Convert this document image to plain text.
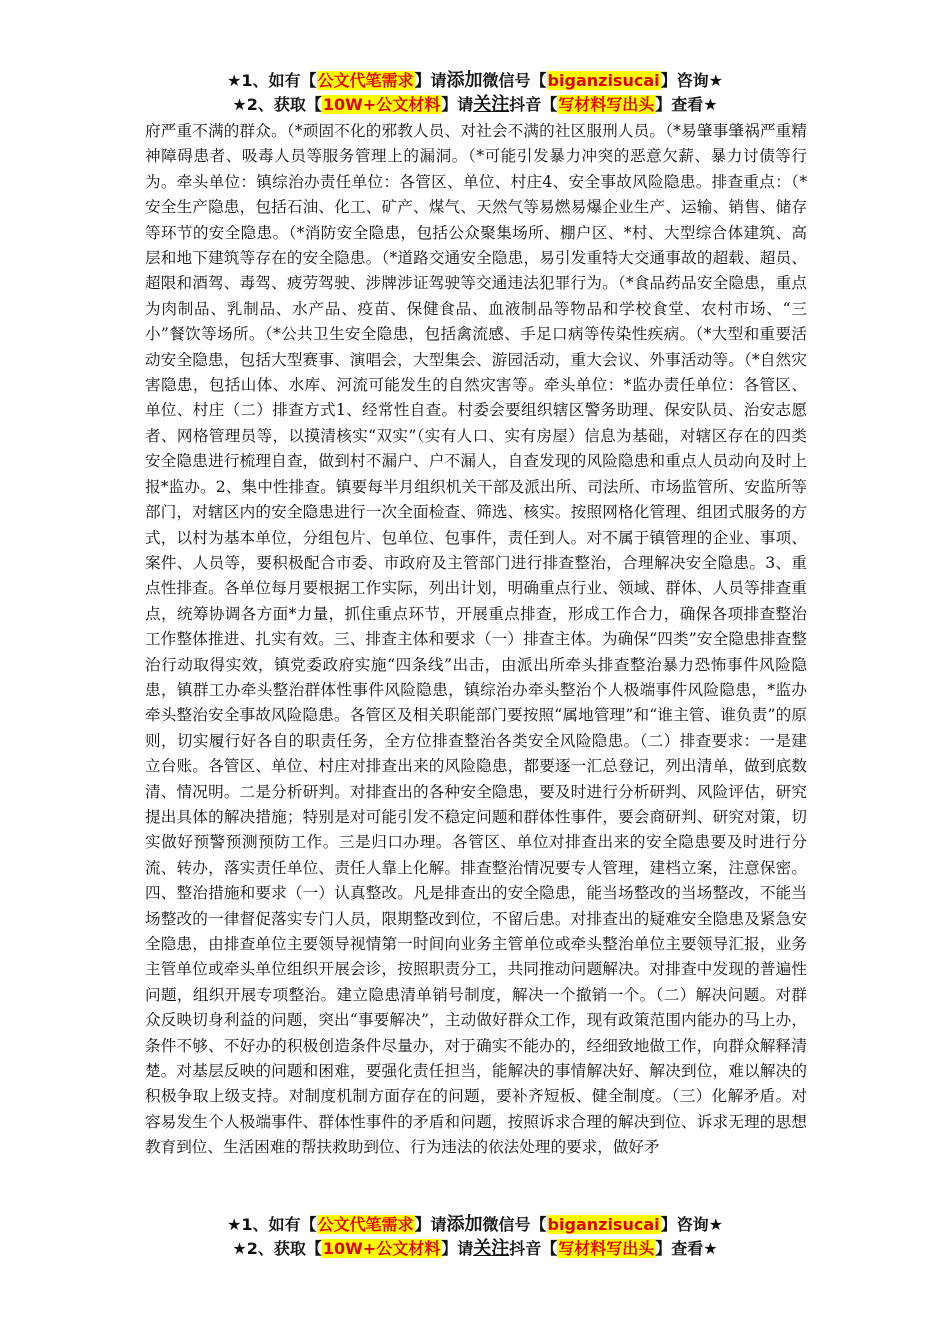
★1、如有【公文代笔需求】请添加微信号【biganzisucai】咨询★
★2、获取【10W+公文材料】请关注抖音【写材料写出头】查看★

府严重不满的群众。（*顽固不化的邪教人员、对社会不满的社区服刑人员。（*易肇事肇祸严重精神障碍患者、吸毒人员等服务管理上的漏洞。（*可能引发暴力冲突的恶意欠薪、暴力讨债等行为。牵头单位：镇综治办责任单位：各管区、单位、村庄4、安全事故风险隐患。排查重点：（*安全生产隐患，包括石油、化工、矿产、煤气、天然气等易燃易爆企业生产、运输、销售、储存等环节的安全隐患。（*消防安全隐患，包括公众聚集场所、棚户区、*村、大型综合体建筑、高层和地下建筑等存在的安全隐患。（*道路交通安全隐患，易引发重特大交通事故的超载、超员、超限和酒驾、毒驾、疲劳驾驶、涉牌涉证驾驶等交通违法犯罪行为。（*食品药品安全隐患，重点为肉制品、乳制品、水产品、疫苗、保健食品、血液制品等物品和学校食堂、农村市场、“三小”餐饮等场所。（*公共卫生安全隐患，包括禽流感、手足口病等传染性疾病。（*大型和重要活动安全隐患，包括大型赛事、演唱会，大型集会、游园活动，重大会议、外事活动等。（*自然灾害隐患，包括山体、水库、河流可能发生的自然灾害等。牵头单位：*监办责任单位：各管区、单位、村庄（二）排查方式1、经常性自查。村委会要组织辖区警务助理、保安队员、治安志愿者、网格管理员等，以摸清核实“双实”（实有人口、实有房屋）信息为基础，对辖区存在的四类安全隐患进行梳理自查，做到村不漏户、户不漏人，自查发现的风险隐患和重点人员动向及时上报*监办。2、集中性排查。镇要每半月组织机关干部及派出所、司法所、市场监管所、安监所等部门，对辖区内的安全隐患进行一次全面检查、筛选、核实。按照网格化管理、组团式服务的方式，以村为基本单位，分组包片、包单位、包事件，责任到人。对不属于镇管理的企业、事项、案件、人员等，要积极配合市委、市政府及主管部门进行排查整治，合理解决安全隐患。3、重点性排查。各单位每月要根据工作实际，列出计划，明确重点行业、领域、群体、人员等排查重点，统筹协调各方面*力量，抓住重点环节，开展重点排查，形成工作合力，确保各项排查整治工作整体推进、扎实有效。三、排查主体和要求（一）排查主体。为确保“四类”安全隐患排查整治行动取得实效，镇党委政府实施“四条线”出击，由派出所牵头排查整治暴力恐怖事件风险隐患，镇群工办牵头整治群体性事件风险隐患，镇综治办牵头整治个人极端事件风险隐患，*监办牵头整治安全事故风险隐患。各管区及相关职能部门要按照“属地管理”和“谁主管、谁负责”的原则，切实履行好各自的职责任务，全方位排查整治各类安全风险隐患。（二）排查要求：一是建立台账。各管区、单位、村庄对排查出来的风险隐患，都要逐一汇总登记，列出清单，做到底数清、情况明。二是分析研判。对排查出的各种安全隐患，要及时进行分析研判、风险评估，研究提出具体的解决措施；特别是对可能引发不稳定问题和群体性事件，要会商研判、研究对策，切实做好预警预测预防工作。三是归口办理。各管区、单位对排查出来的安全隐患要及时进行分流、转办，落实责任单位、责任人靠上化解。排查整治情况要专人管理，建档立案，注意保密。四、整治措施和要求（一）认真整改。凡是排查出的安全隐患，能当场整改的当场整改，不能当场整改的一律督促落实专门人员，限期整改到位，不留后患。对排查出的疑难安全隐患及紧急安全隐患，由排查单位主要领导视情第一时间向业务主管单位或牵头整治单位主要领导汇报，业务主管单位或牵头单位组织开展会诊，按照职责分工，共同推动问题解决。对排查中发现的普遍性问题，组织开展专项整治。建立隐患清单销号制度，解决一个撤销一个。（二）解决问题。对群众反映切身利益的问题，突出“事要解决”，主动做好群众工作，现有政策范围内能办的马上办，条件不够、不好办的积极创造条件尽量办，对于确实不能办的，经细致地做工作，向群众解释清楚。对基层反映的问题和困难，要强化责任担当，能解决的事情解决好、解决到位，难以解决的积极争取上级支持。对制度机制方面存在的问题，要补齐短板、健全制度。（三）化解矛盾。对容易发生个人极端事件、群体性事件的矛盾和问题，按照诉求合理的解决到位、诉求无理的思想教育到位、生活困难的帮扶救助到位、行为违法的依法处理的要求，做好矛

★1、如有【公文代笔需求】请添加微信号【biganzisucai】咨询★
★2、获取【10W+公文材料】请关注抖音【写材料写出头】查看★
